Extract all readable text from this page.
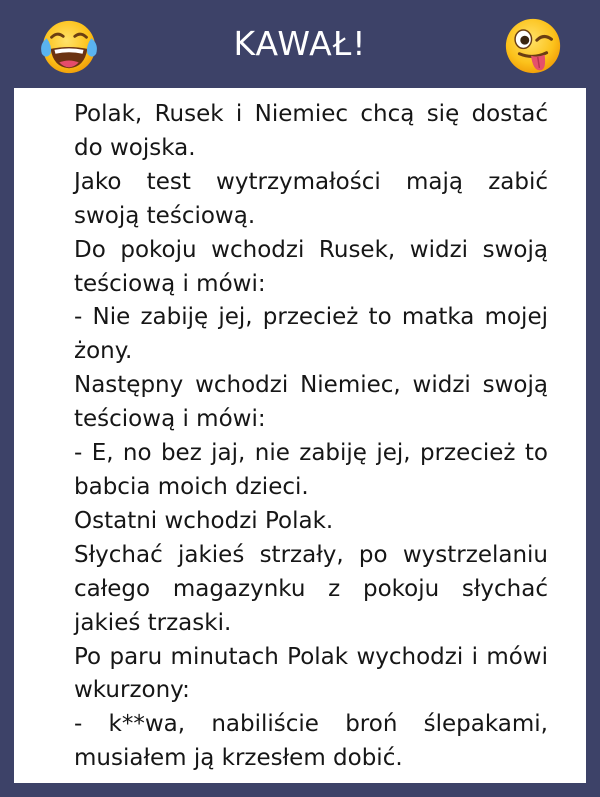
KAWAŁ!
Polak, Rusek i Niemiec chcą się dostać do wojska.
Jako test wytrzymałości mają zabić swoją teściową.
Do pokoju wchodzi Rusek, widzi swoją teściową i mówi:
- Nie zabiję jej, przecież to matka mojej żony.
Następny wchodzi Niemiec, widzi swoją teściową i mówi:
- E, no bez jaj, nie zabiję jej, przecież to babcia moich dzieci.
Ostatni wchodzi Polak.
Słychać jakieś strzały, po wystrzelaniu całego magazynku z pokoju słychać jakieś trzaski.
Po paru minutach Polak wychodzi i mówi wkurzony:
- k**wa, nabiliście broń ślepakami, musiałem ją krzesłem dobić.
